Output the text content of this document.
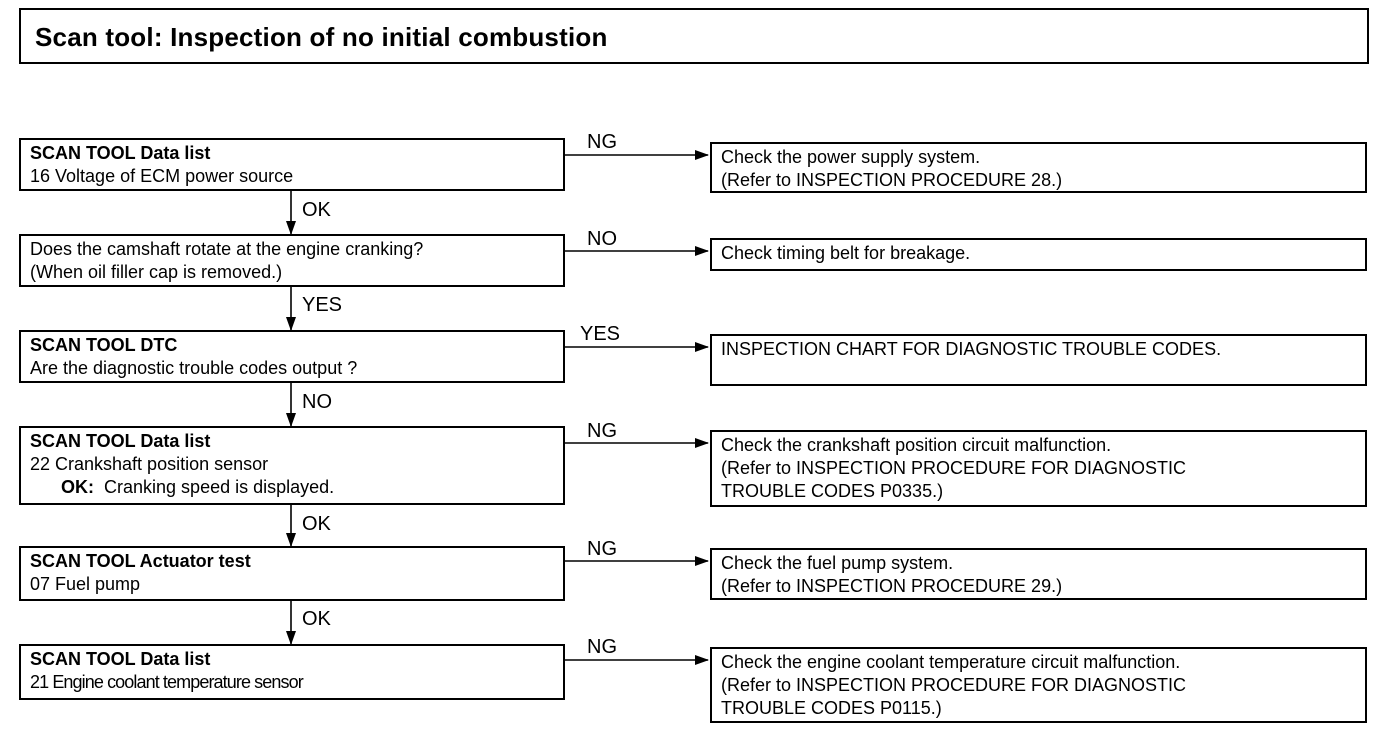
Scan tool: Inspection of no initial combustion
SCAN TOOL Data list
16 Voltage of ECM power source
Does the camshaft rotate at the engine cranking?
(When oil filler cap is removed.)
SCAN TOOL DTC
Are the diagnostic trouble codes output ?
SCAN TOOL Data list
22 Crankshaft position sensor
OK: Cranking speed is displayed.
SCAN TOOL Actuator test
07 Fuel pump
SCAN TOOL Data list
21 Engine coolant temperature sensor
Check the power supply system.
(Refer to INSPECTION PROCEDURE 28.)
Check timing belt for breakage.
INSPECTION CHART FOR DIAGNOSTIC TROUBLE CODES.
Check the crankshaft position circuit malfunction.
(Refer to INSPECTION PROCEDURE FOR DIAGNOSTIC
TROUBLE CODES P0335.)
Check the fuel pump system.
(Refer to INSPECTION PROCEDURE 29.)
Check the engine coolant temperature circuit malfunction.
(Refer to INSPECTION PROCEDURE FOR DIAGNOSTIC
TROUBLE CODES P0115.)
NG
NO
YES
NG
NG
NG
OK
YES
NO
OK
OK
